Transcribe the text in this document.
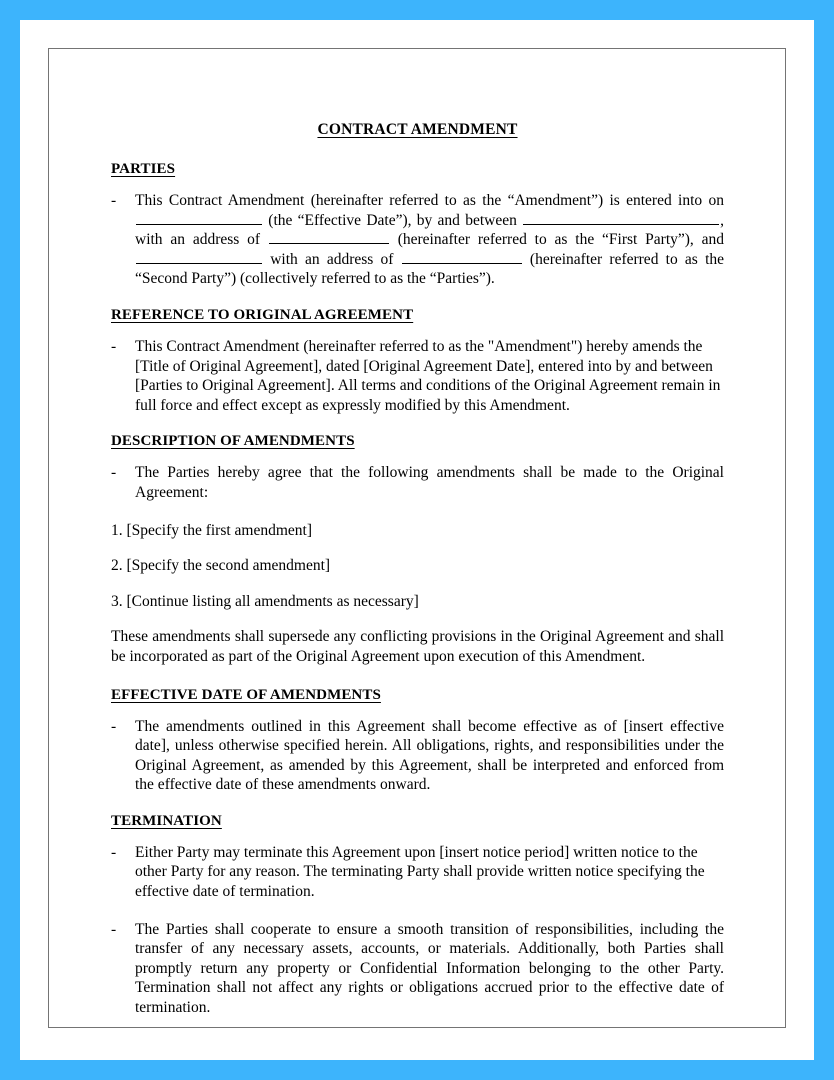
CONTRACT AMENDMENT
PARTIES
-	This Contract Amendment (hereinafter referred to as the “Amendment”) is entered into on  (the “Effective Date”), by and between	, with an address of	(hereinafter referred to as the “First Party”), and  with an address of	(hereinafter referred to as the “Second Party”) (collectively referred to as the “Parties”).
REFERENCE TO ORIGINAL AGREEMENT
-	This Contract Amendment (hereinafter referred to as the "Amendment") hereby amends the [Title of Original Agreement], dated [Original Agreement Date], entered into by and between [Parties to Original Agreement]. All terms and conditions of the Original Agreement remain in full force and effect except as expressly modified by this Amendment.
DESCRIPTION OF AMENDMENTS
-	The Parties hereby agree that the following amendments shall be made to the Original Agreement:
1. [Specify the first amendment]
2. [Specify the second amendment]
3. [Continue listing all amendments as necessary]
These amendments shall supersede any conflicting provisions in the Original Agreement and shall be incorporated as part of the Original Agreement upon execution of this Amendment.
EFFECTIVE DATE OF AMENDMENTS
-	The amendments outlined in this Agreement shall become effective as of [insert effective date], unless otherwise specified herein. All obligations, rights, and responsibilities under the Original Agreement, as amended by this Agreement, shall be interpreted and enforced from the effective date of these amendments onward.
TERMINATION
-	Either Party may terminate this Agreement upon [insert notice period] written notice to the other Party for any reason. The terminating Party shall provide written notice specifying the effective date of termination.
-	The Parties shall cooperate to ensure a smooth transition of responsibilities, including the transfer of any necessary assets, accounts, or materials. Additionally, both Parties shall promptly return any property or Confidential Information belonging to the other Party. Termination shall not affect any rights or obligations accrued prior to the effective date of termination.
